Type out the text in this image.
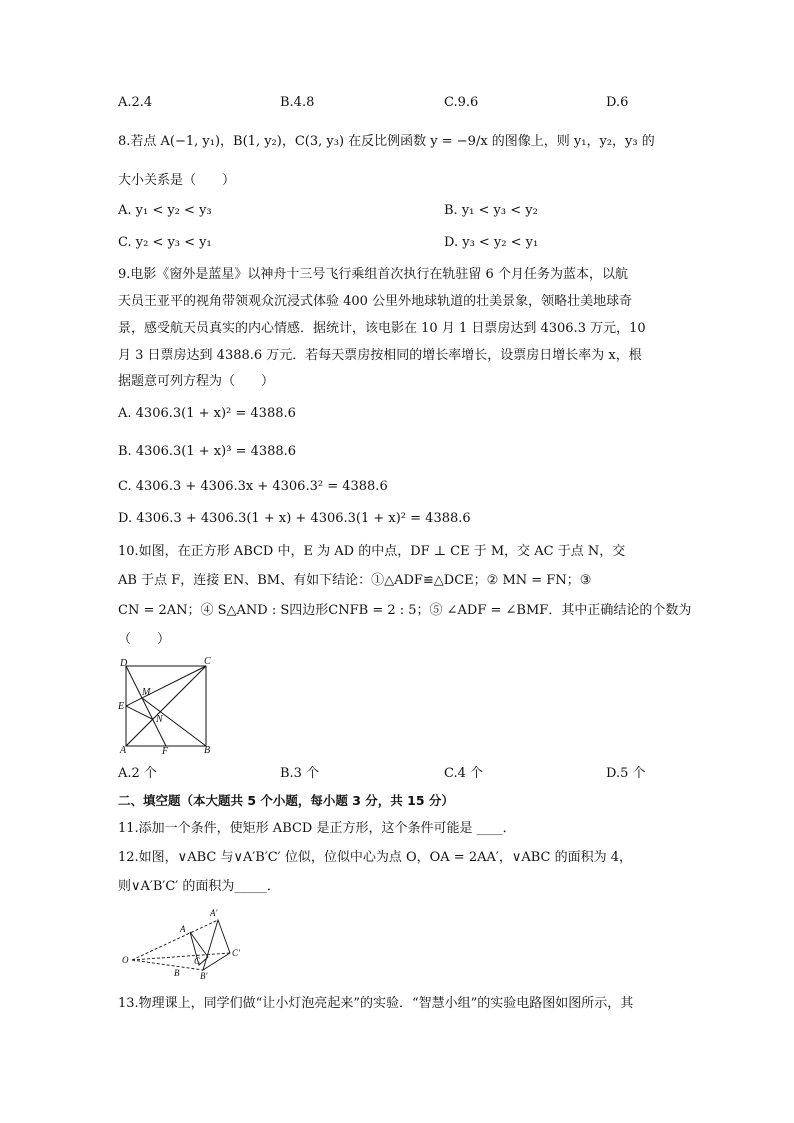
A.2.4	B.4.8	C.9.6	D.6
8.若点 A(−1, y₁)，B(1, y₂)，C(3, y₃) 在反比例函数 y = −9/x 的图像上，则 y₁，y₂，y₃ 的
大小关系是（　　）
A. y₁ < y₂ < y₃	B. y₁ < y₃ < y₂
C. y₂ < y₃ < y₁	D. y₃ < y₂ < y₁
9.电影《窗外是蓝星》以神舟十三号飞行乘组首次执行在轨驻留 6 个月任务为蓝本，以航
天员王亚平的视角带领观众沉浸式体验 400 公里外地球轨道的壮美景象，领略壮美地球奇
景，感受航天员真实的内心情感．据统计，该电影在 10 月 1 日票房达到 4306.3 万元，10
月 3 日票房达到 4388.6 万元．若每天票房按相同的增长率增长，设票房日增长率为 x，根
据题意可列方程为（　　）
A. 4306.3(1 + x)² = 4388.6
B. 4306.3(1 + x)³ = 4388.6
C. 4306.3 + 4306.3x + 4306.3² = 4388.6
D. 4306.3 + 4306.3(1 + x) + 4306.3(1 + x)² = 4388.6
10.如图，在正方形 ABCD 中，E 为 AD 的中点，DF ⊥ CE 于 M，交 AC 于点 N，交
AB 于点 F，连接 EN、BM、有如下结论：①△ADF≌△DCE；② MN = FN；③
CN = 2AN；④ S△AND : S四边形CNFB = 2 : 5；⑤ ∠ADF = ∠BMF．其中正确结论的个数为
（　　）
D	C
M
E
N
A	F	B
A.2 个	B.3 个	C.4 个	D.5 个
二、填空题（本大题共 5 个小题，每小题 3 分，共 15 分）
11.添加一个条件，使矩形 ABCD 是正方形，这个条件可能是 ____．
12.如图，∨ABC 与∨A′B′C′ 位似，位似中心为点 O，OA = 2AA′，∨ABC 的面积为 4，
则∨A′B′C′ 的面积为_____．
A′
A
O	C
C′
B B′
13.物理课上，同学们做“让小灯泡亮起来”的实验．“智慧小组”的实验电路图如图所示，其
